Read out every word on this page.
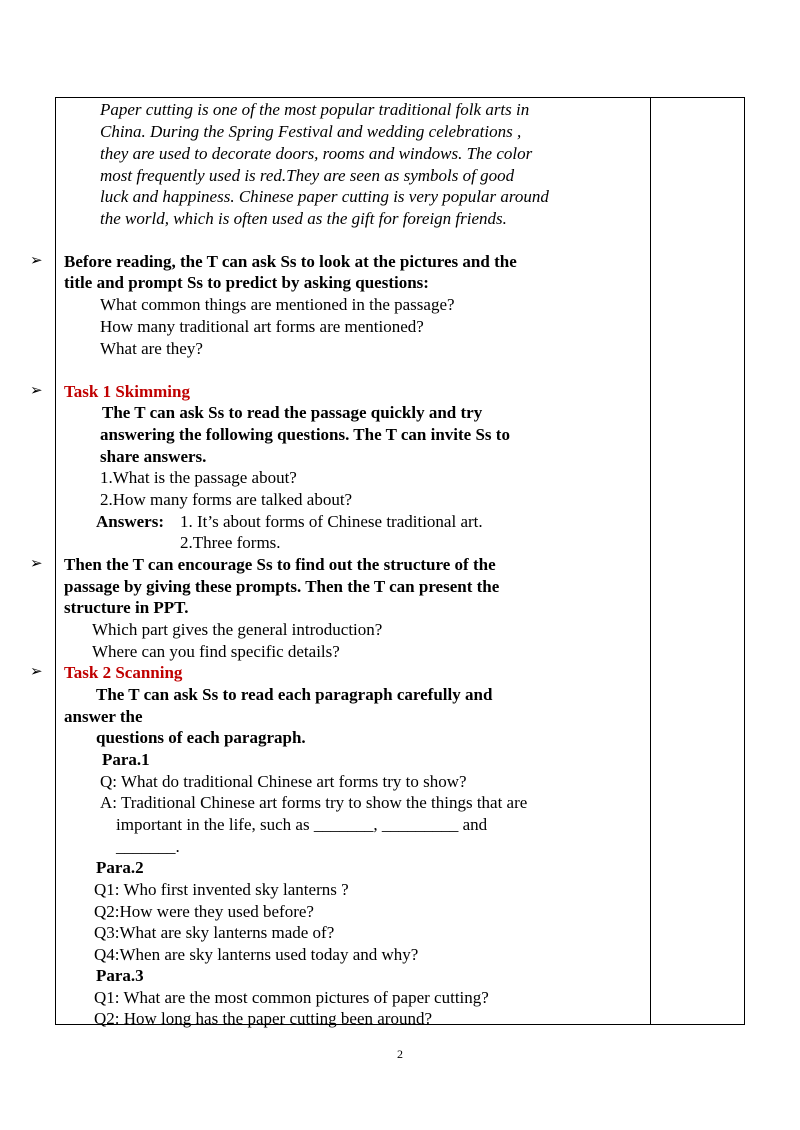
Paper cutting is one of the most popular traditional folk arts in
China. During the Spring Festival and wedding celebrations ,
they are used to decorate doors, rooms and windows. The color
most frequently used is red.They are seen as symbols of good
luck and happiness. Chinese paper cutting is very popular around
the world, which is often used as the gift for foreign friends.
➢ Before reading, the T can ask Ss to look at the pictures and the
title and prompt Ss to predict by asking questions:
What common things are mentioned in the passage?
How many traditional art forms are mentioned?
What are they?
➢ Task 1 Skimming
The T can ask Ss to read the passage quickly and try
answering the following questions. The T can invite Ss to
share answers.
1.What is the passage about?
2.How many forms are talked about?
Answers: 1. It’s about forms of Chinese traditional art.
2.Three forms.
➢ Then the T can encourage Ss to find out the structure of the
passage by giving these prompts. Then the T can present the
structure in PPT.
Which part gives the general introduction?
Where can you find specific details?
➢ Task 2 Scanning
The T can ask Ss to read each paragraph carefully and
answer the
questions of each paragraph.
Para.1
Q: What do traditional Chinese art forms try to show?
A: Traditional Chinese art forms try to show the things that are
important in the life, such as _______, _________ and
_______.
Para.2
Q1: Who first invented sky lanterns ?
Q2:How were they used before?
Q3:What are sky lanterns made of?
Q4:When are sky lanterns used today and why?
Para.3
Q1: What are the most common pictures of paper cutting?
Q2: How long has the paper cutting been around?
2
